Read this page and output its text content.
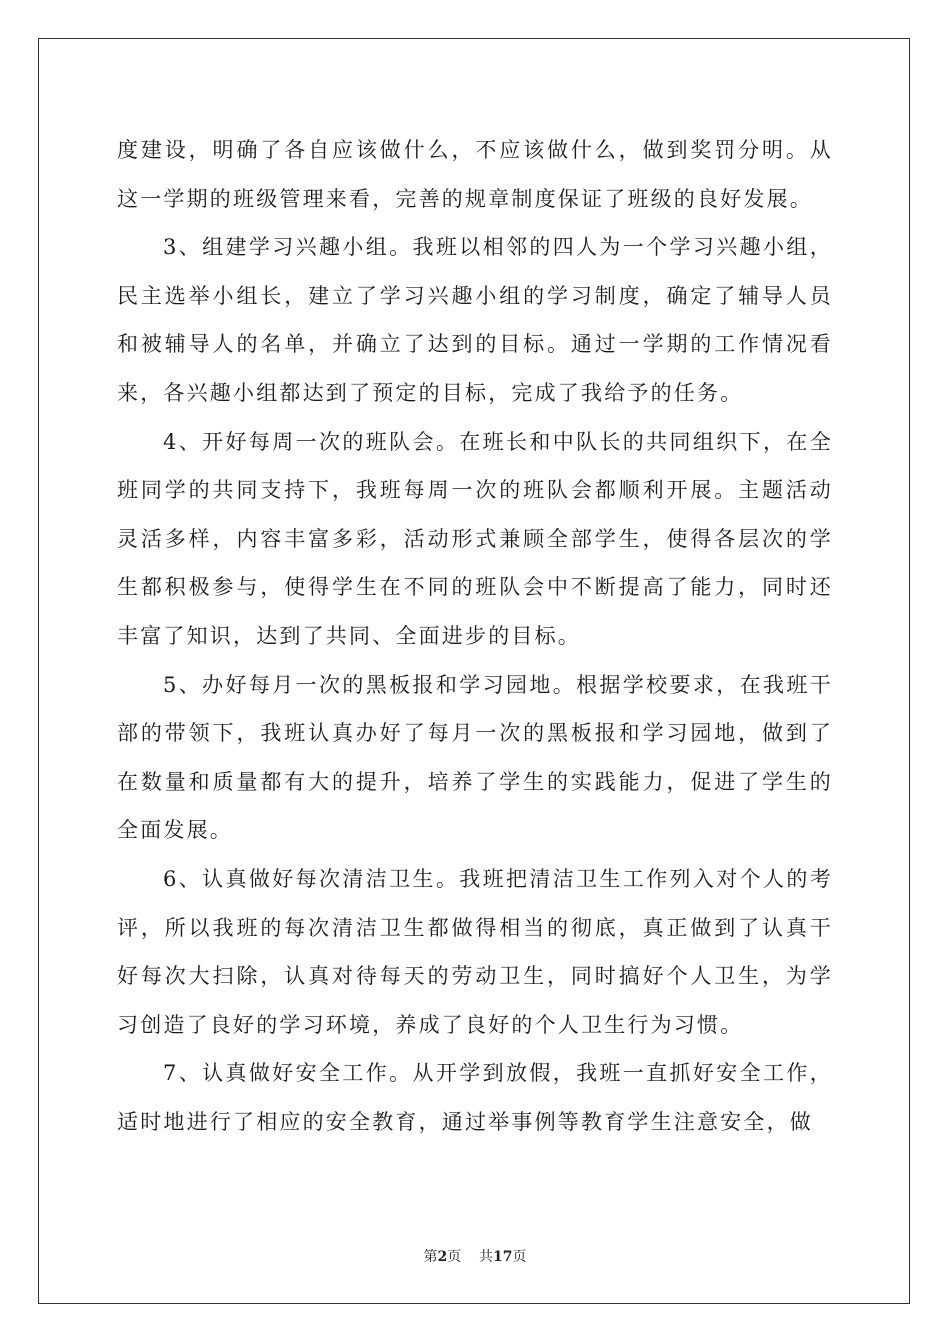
度建设，明确了各自应该做什么，不应该做什么，做到奖罚分明。从这一学期的班级管理来看，完善的规章制度保证了班级的良好发展。

3、组建学习兴趣小组。我班以相邻的四人为一个学习兴趣小组，民主选举小组长，建立了学习兴趣小组的学习制度，确定了辅导人员和被辅导人的名单，并确立了达到的目标。通过一学期的工作情况看来，各兴趣小组都达到了预定的目标，完成了我给予的任务。

4、开好每周一次的班队会。在班长和中队长的共同组织下，在全班同学的共同支持下，我班每周一次的班队会都顺利开展。主题活动灵活多样，内容丰富多彩，活动形式兼顾全部学生，使得各层次的学生都积极参与，使得学生在不同的班队会中不断提高了能力，同时还丰富了知识，达到了共同、全面进步的目标。

5、办好每月一次的黑板报和学习园地。根据学校要求，在我班干部的带领下，我班认真办好了每月一次的黑板报和学习园地，做到了在数量和质量都有大的提升，培养了学生的实践能力，促进了学生的全面发展。

6、认真做好每次清洁卫生。我班把清洁卫生工作列入对个人的考评，所以我班的每次清洁卫生都做得相当的彻底，真正做到了认真干好每次大扫除，认真对待每天的劳动卫生，同时搞好个人卫生，为学习创造了良好的学习环境，养成了良好的个人卫生行为习惯。

7、认真做好安全工作。从开学到放假，我班一直抓好安全工作，适时地进行了相应的安全教育，通过举事例等教育学生注意安全，做

第2页 共17页
